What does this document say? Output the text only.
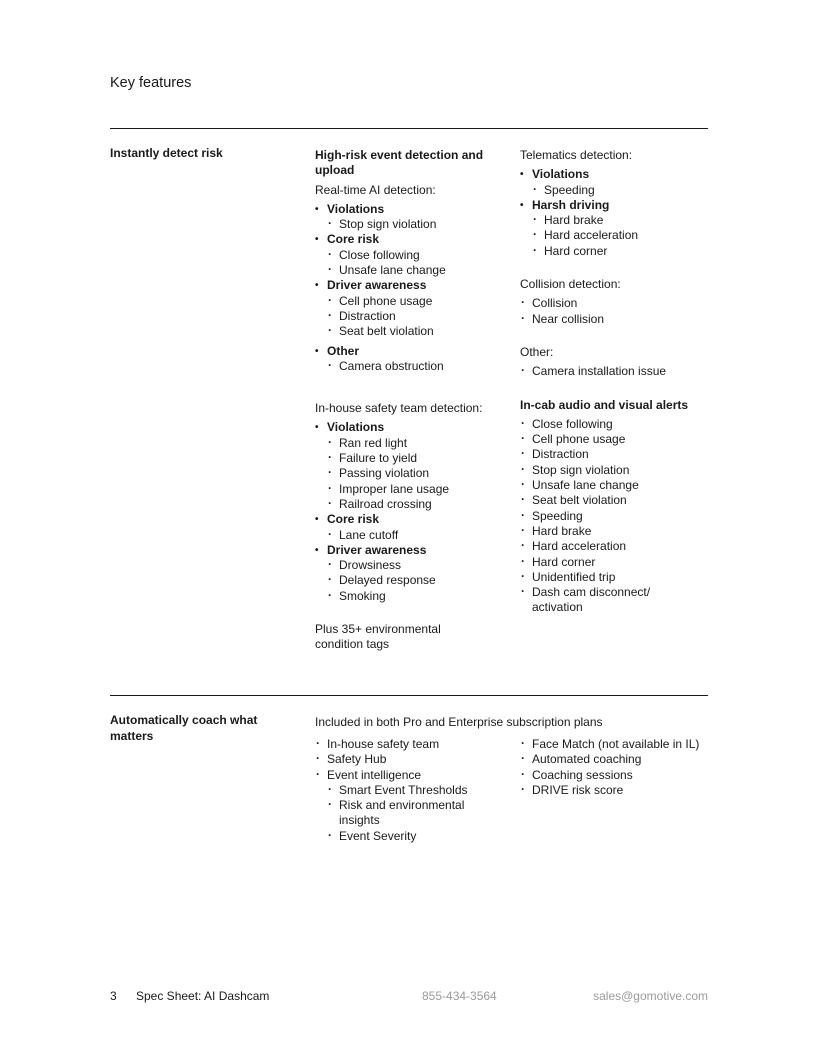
Key features
Instantly detect risk	High-risk event detection and upload
Real-time AI detection:
• Violations
· Stop sign violation
• Core risk
· Close following
· Unsafe lane change
• Driver awareness
· Cell phone usage
· Distraction
· Seat belt violation
• Other
· Camera obstruction
In-house safety team detection:
• Violations
· Ran red light
· Failure to yield
· Passing violation
· Improper lane usage
· Railroad crossing
• Core risk
· Lane cutoff
• Driver awareness
· Drowsiness
· Delayed response
· Smoking
Plus 35+ environmental condition tags
Telematics detection:
• Violations
· Speeding
• Harsh driving
· Hard brake
· Hard acceleration
· Hard corner
Collision detection:
· Collision
· Near collision
Other:
· Camera installation issue
In-cab audio and visual alerts
· Close following
· Cell phone usage
· Distraction
· Stop sign violation
· Unsafe lane change
· Seat belt violation
· Speeding
· Hard brake
· Hard acceleration
· Hard corner
· Unidentified trip
· Dash cam disconnect/ activation
Automatically coach what matters
Included in both Pro and Enterprise subscription plans
· In-house safety team
· Safety Hub
· Event intelligence
· Smart Event Thresholds
· Risk and environmental insights
· Event Severity
· Face Match (not available in IL)
· Automated coaching
· Coaching sessions
· DRIVE risk score
3 Spec Sheet: AI Dashcam	855-434-3564	sales@gomotive.com
